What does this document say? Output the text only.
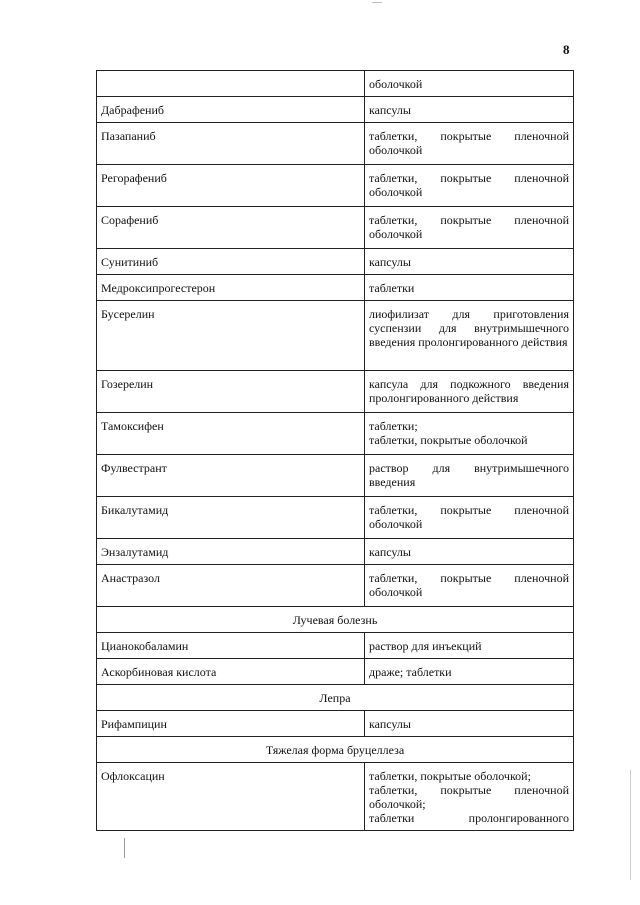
8
	оболочкой
Дабрафениб	капсулы
Пазапаниб	таблетки, покрытые пленочной оболочкой
Регорафениб	таблетки, покрытые пленочной оболочкой
Сорафениб	таблетки, покрытые пленочной оболочкой
Сунитиниб	капсулы
Медроксипрогестерон	таблетки
Бусерелин	лиофилизат для приготовления суспензии для внутримышечного введения пролонгированного действия
Гозерелин	капсула для подкожного введения пролонгированного действия
Тамоксифен	таблетки;
таблетки, покрытые оболочкой

Фулвестрант	раствор для внутримышечного введения
Бикалутамид	таблетки, покрытые пленочной оболочкой
Энзалутамид	капсулы
Анастразол	таблетки, покрытые пленочной оболочкой
Лучевая болезнь	
Цианокобаламин	раствор для инъекций
Аскорбиновая кислота	драже; таблетки
Лепра	
Рифампицин	капсулы
Тяжелая форма бруцеллеза	
Офлоксацин	таблетки, покрытые оболочкой;
таблетки, покрытые пленочной оболочкой;
таблетки пролонгированного
